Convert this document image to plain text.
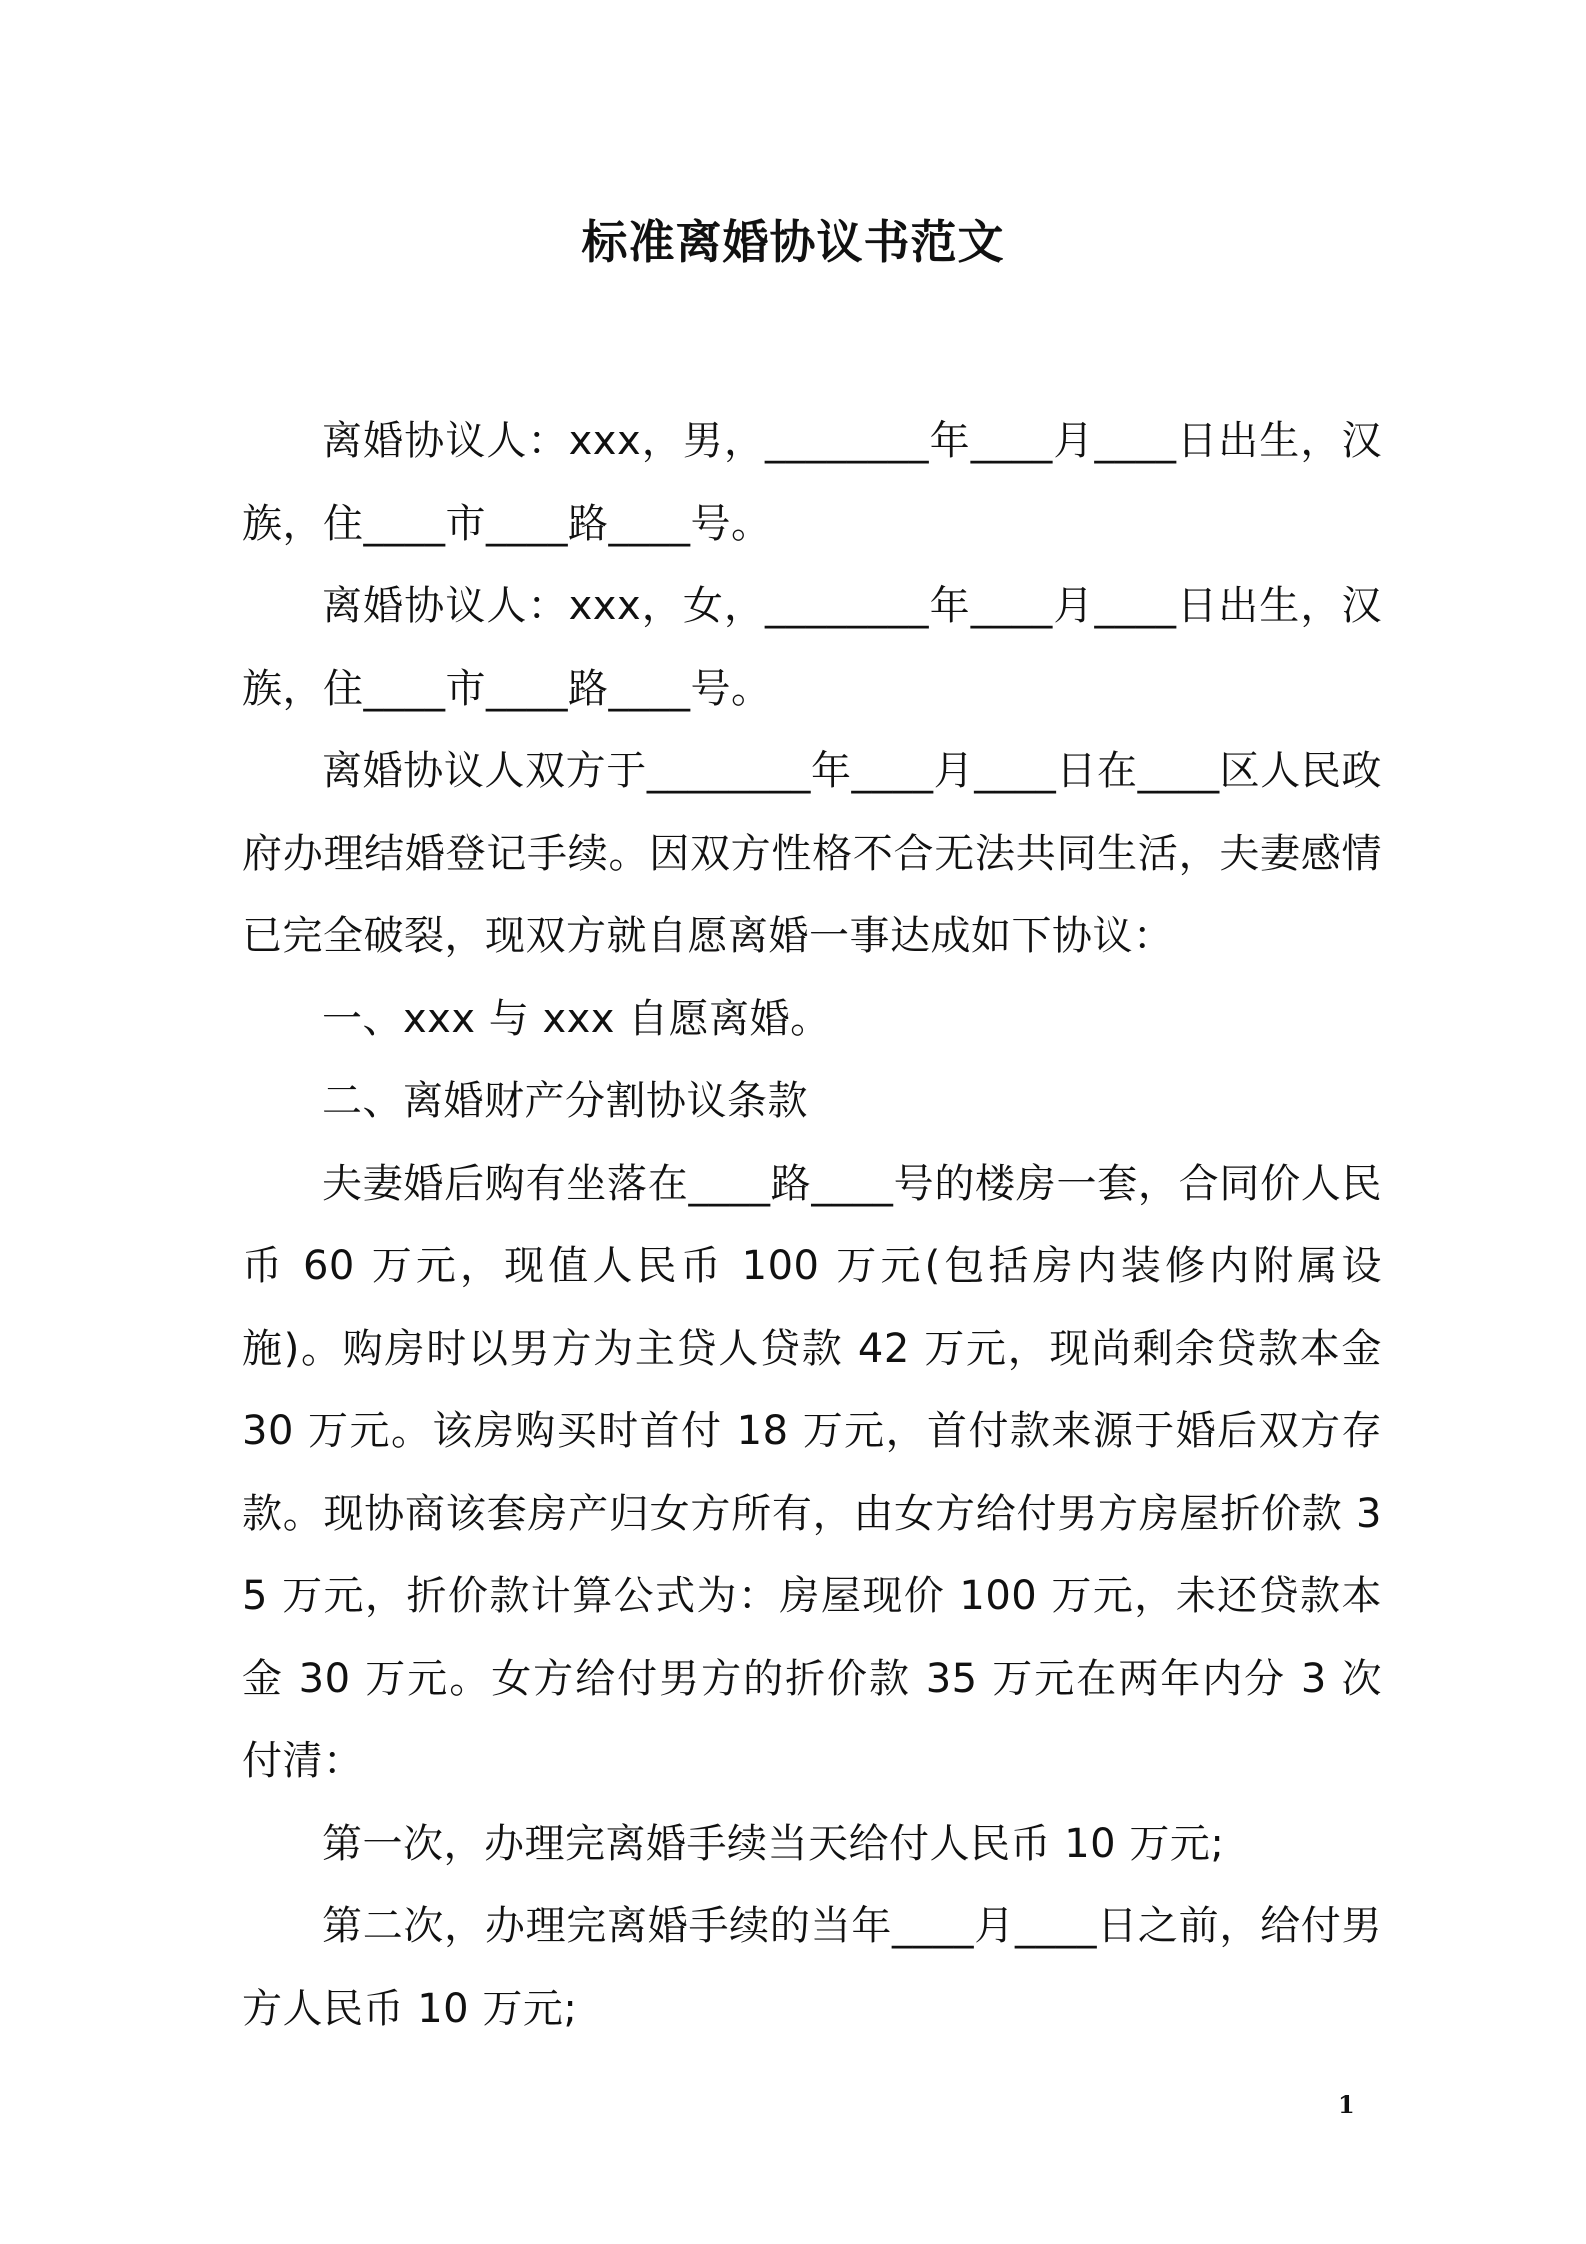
标准离婚协议书范文

离婚协议人：xxx，男，________年____月____日出生，汉族，住____市____路____号。

离婚协议人：xxx，女，________年____月____日出生，汉族，住____市____路____号。

离婚协议人双方于________年____月____日在____区人民政府办理结婚登记手续。因双方性格不合无法共同生活，夫妻感情已完全破裂，现双方就自愿离婚一事达成如下协议：

一、xxx 与 xxx 自愿离婚。

二、离婚财产分割协议条款

夫妻婚后购有坐落在____路____号的楼房一套，合同价人民币 60 万元，现值人民币 100 万元(包括房内装修内附属设施)。购房时以男方为主贷人贷款 42 万元，现尚剩余贷款本金 30 万元。该房购买时首付 18 万元，首付款来源于婚后双方存款。现协商该套房产归女方所有，由女方给付男方房屋折价款 35 万元，折价款计算公式为：房屋现价 100 万元，未还贷款本金 30 万元。女方给付男方的折价款 35 万元在两年内分 3 次付清：

第一次，办理完离婚手续当天给付人民币 10 万元;

第二次，办理完离婚手续的当年____月____日之前，给付男方人民币 10 万元;

1
